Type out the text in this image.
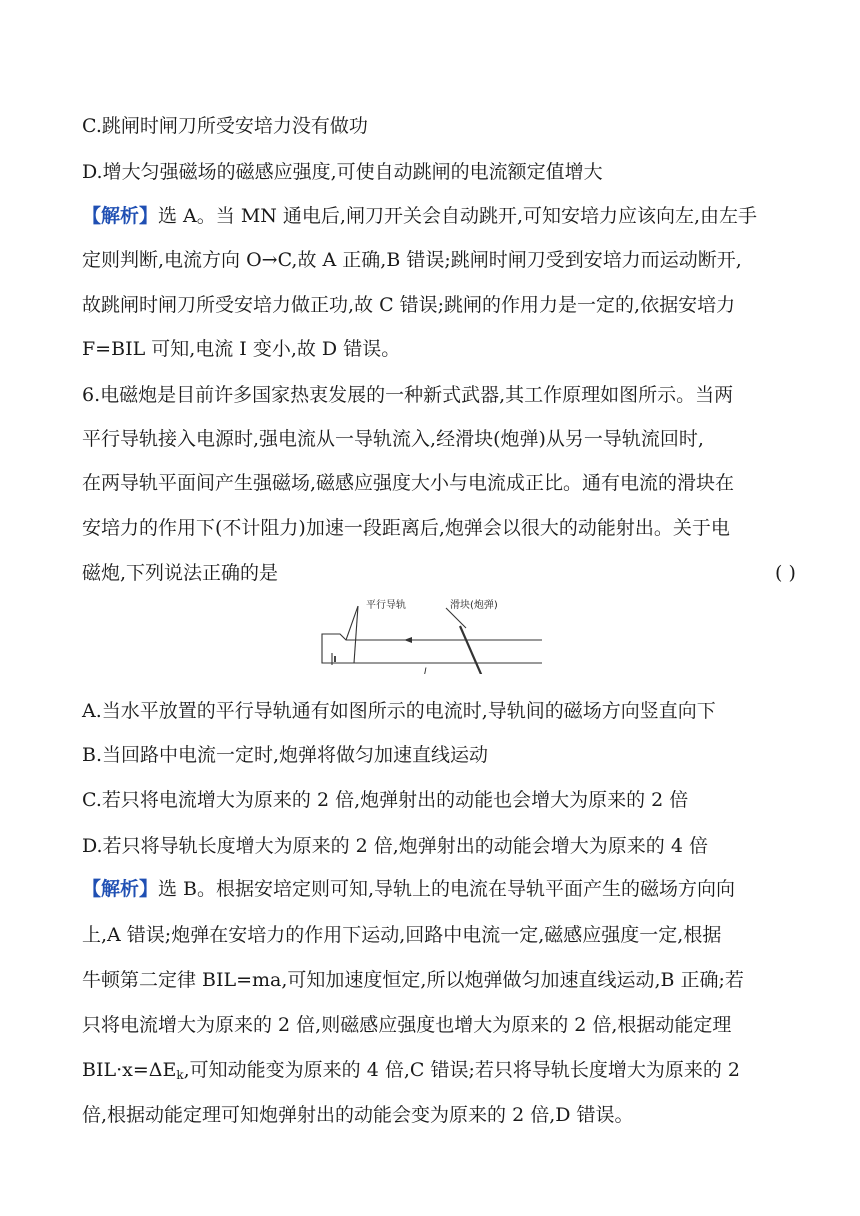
C.跳闸时闸刀所受安培力没有做功
D.增大匀强磁场的磁感应强度,可使自动跳闸的电流额定值增大
【解析】选 A。当 MN 通电后,闸刀开关会自动跳开,可知安培力应该向左,由左手
定则判断,电流方向 O→C,故 A 正确,B 错误;跳闸时闸刀受到安培力而运动断开,
故跳闸时闸刀所受安培力做正功,故 C 错误;跳闸的作用力是一定的,依据安培力
F=BIL 可知,电流 I 变小,故 D 错误。
6.电磁炮是目前许多国家热衷发展的一种新式武器,其工作原理如图所示。当两
平行导轨接入电源时,强电流从一导轨流入,经滑块(炮弹)从另一导轨流回时,
在两导轨平面间产生强磁场,磁感应强度大小与电流成正比。通有电流的滑块在
安培力的作用下(不计阻力)加速一段距离后,炮弹会以很大的动能射出。关于电
磁炮,下列说法正确的是	( )
平行导轨	滑块(炮弹)
I
A.当水平放置的平行导轨通有如图所示的电流时,导轨间的磁场方向竖直向下
B.当回路中电流一定时,炮弹将做匀加速直线运动
C.若只将电流增大为原来的 2 倍,炮弹射出的动能也会增大为原来的 2 倍
D.若只将导轨长度增大为原来的 2 倍,炮弹射出的动能会增大为原来的 4 倍
【解析】选 B。根据安培定则可知,导轨上的电流在导轨平面产生的磁场方向向
上,A 错误;炮弹在安培力的作用下运动,回路中电流一定,磁感应强度一定,根据
牛顿第二定律 BIL=ma,可知加速度恒定,所以炮弹做匀加速直线运动,B 正确;若
只将电流增大为原来的 2 倍,则磁感应强度也增大为原来的 2 倍,根据动能定理
$BIL\cdot x=\Delta E_k$,可知动能变为原来的 4 倍,C 错误;若只将导轨长度增大为原来的 2
倍,根据动能定理可知炮弹射出的动能会变为原来的 2 倍,D 错误。
